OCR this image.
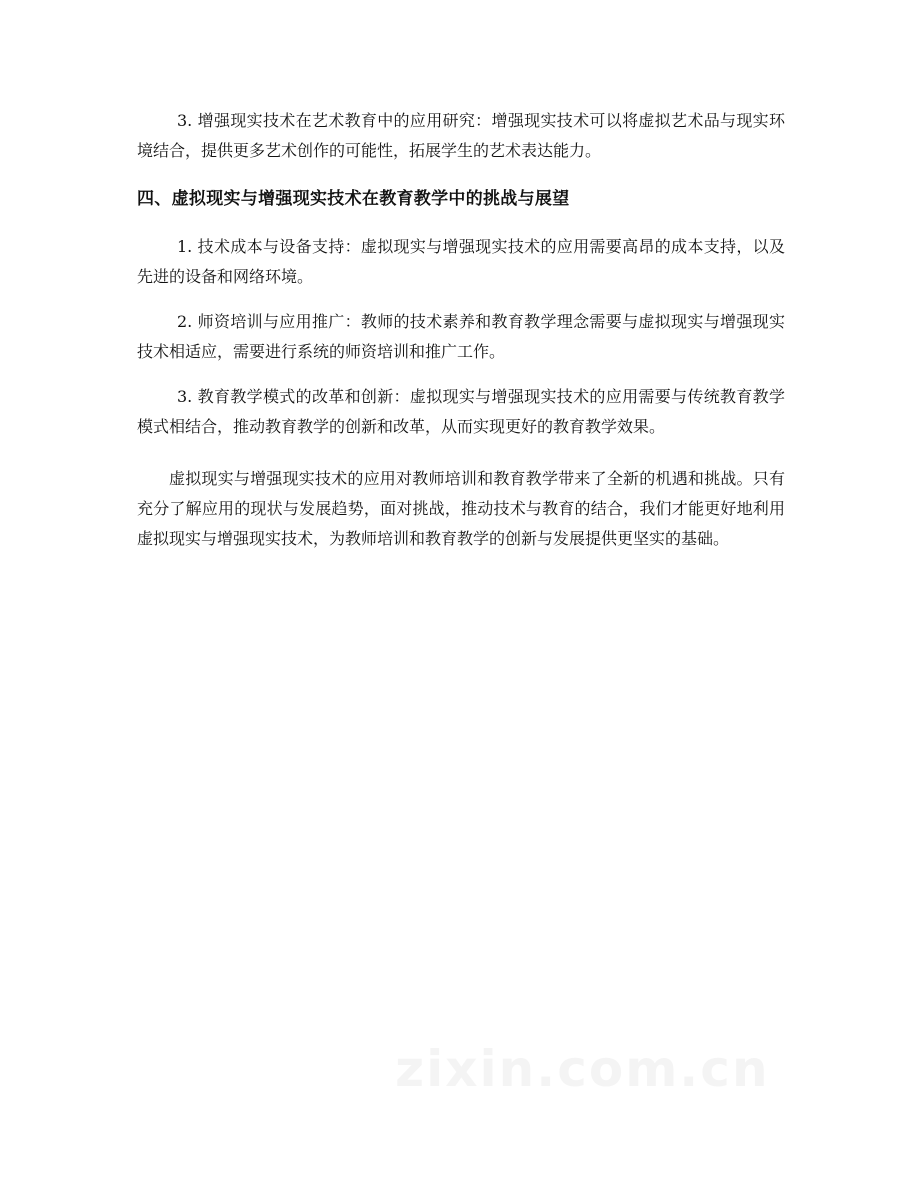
3. 增强现实技术在艺术教育中的应用研究：增强现实技术可以将虚拟艺术品与现实环境结合，提供更多艺术创作的可能性，拓展学生的艺术表达能力。

四、虚拟现实与增强现实技术在教育教学中的挑战与展望

1. 技术成本与设备支持：虚拟现实与增强现实技术的应用需要高昂的成本支持，以及先进的设备和网络环境。

2. 师资培训与应用推广：教师的技术素养和教育教学理念需要与虚拟现实与增强现实技术相适应，需要进行系统的师资培训和推广工作。

3. 教育教学模式的改革和创新：虚拟现实与增强现实技术的应用需要与传统教育教学模式相结合，推动教育教学的创新和改革，从而实现更好的教育教学效果。

虚拟现实与增强现实技术的应用对教师培训和教育教学带来了全新的机遇和挑战。只有充分了解应用的现状与发展趋势，面对挑战，推动技术与教育的结合，我们才能更好地利用虚拟现实与增强现实技术，为教师培训和教育教学的创新与发展提供更坚实的基础。

zixin.com.cn
